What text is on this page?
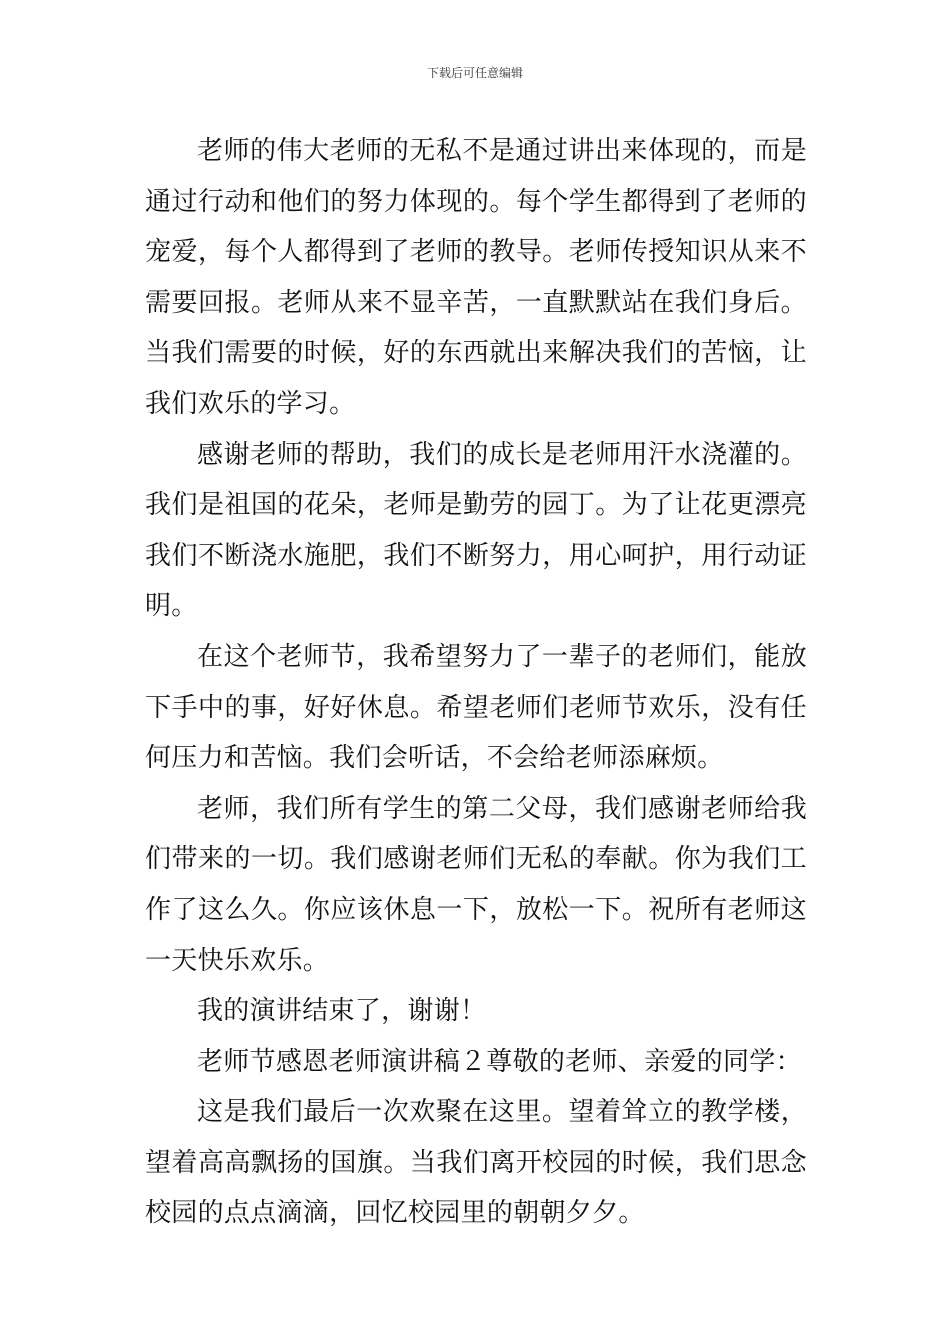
下载后可任意编辑

老师的伟大老师的无私不是通过讲出来体现的，而是通过行动和他们的努力体现的。每个学生都得到了老师的宠爱，每个人都得到了老师的教导。老师传授知识从来不需要回报。老师从来不显辛苦，一直默默站在我们身后。当我们需要的时候，好的东西就出来解决我们的苦恼，让我们欢乐的学习。

感谢老师的帮助，我们的成长是老师用汗水浇灌的。我们是祖国的花朵，老师是勤劳的园丁。为了让花更漂亮我们不断浇水施肥，我们不断努力，用心呵护，用行动证明。

在这个老师节，我希望努力了一辈子的老师们，能放下手中的事，好好休息。希望老师们老师节欢乐，没有任何压力和苦恼。我们会听话，不会给老师添麻烦。

老师，我们所有学生的第二父母，我们感谢老师给我们带来的一切。我们感谢老师们无私的奉献。你为我们工作了这么久。你应该休息一下，放松一下。祝所有老师这一天快乐欢乐。

我的演讲结束了，谢谢！

老师节感恩老师演讲稿２尊敬的老师、亲爱的同学：

这是我们最后一次欢聚在这里。望着耸立的教学楼，望着高高飘扬的国旗。当我们离开校园的时候，我们思念校园的点点滴滴，回忆校园里的朝朝夕夕。
